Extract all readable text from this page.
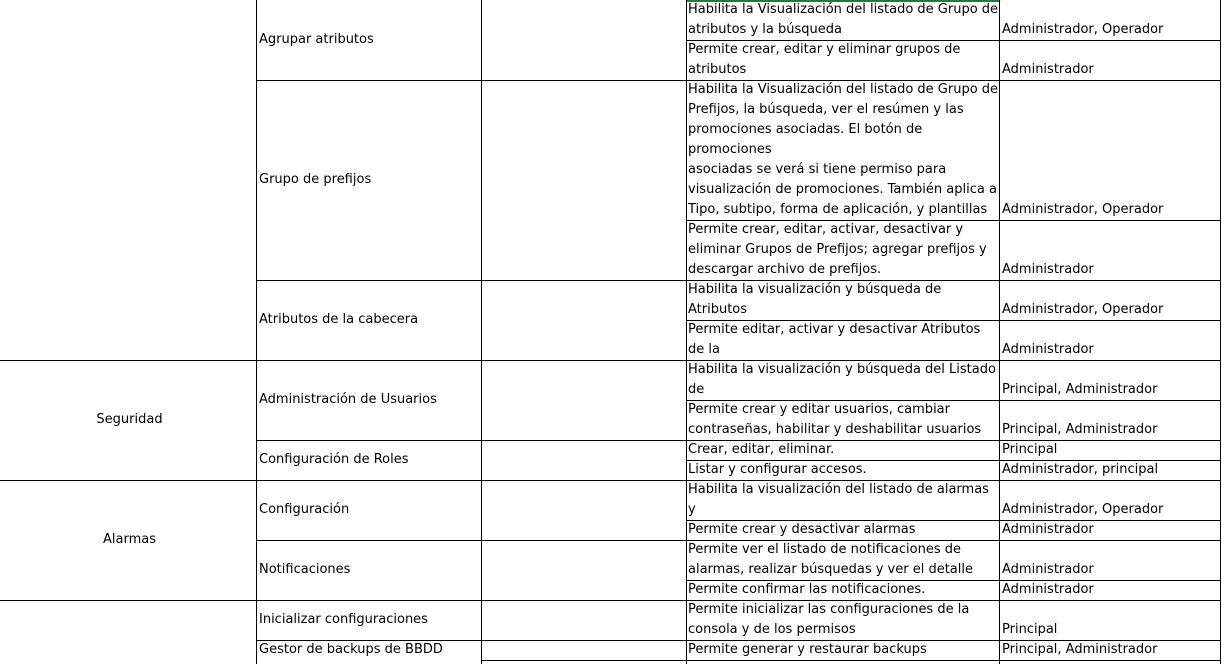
Seguridad
Alarmas
Agrupar atributos
Grupo de prefijos
Atributos de la cabecera
Administración de Usuarios
Configuración de Roles
Configuración
Notificaciones
Inicializar configuraciones
Gestor de backups de BBDD
Habilita la Visualización del listado de Grupo de
atributos y la búsqueda
Permite crear, editar y eliminar grupos de
atributos
Habilita la Visualización del listado de Grupo de
Prefijos, la búsqueda, ver el resúmen y las
promociones asociadas. El botón de promociones
asociadas se verá si tiene permiso para
visualización de promociones. También aplica a
Tipo, subtipo, forma de aplicación, y plantillas

Permite crear, editar, activar, desactivar y
eliminar Grupos de Prefijos; agregar prefijos y
descargar archivo de prefijos.
Habilita la visualización y búsqueda de Atributos

Permite editar, activar y desactivar Atributos de la

Habilita la visualización y búsqueda del Listado de

Permite crear y editar usuarios, cambiar
contraseñas, habilitar y deshabilitar usuarios
Crear, editar, eliminar.
Listar y configurar accesos.
Habilita la visualización del listado de alarmas y

Permite crear y desactivar alarmas
Permite ver el listado de notificaciones de
alarmas, realizar búsquedas y ver el detalle
Permite confirmar las notificaciones.
Permite inicializar las configuraciones de la
consola y de los permisos
Permite generar y restaurar backups
Administrador, Operador
Administrador
Administrador, Operador
Administrador
Administrador, Operador
Administrador
Principal, Administrador
Principal, Administrador
Principal
Administrador, principal
Administrador, Operador
Administrador
Administrador
Administrador
Principal
Principal, Administrador
